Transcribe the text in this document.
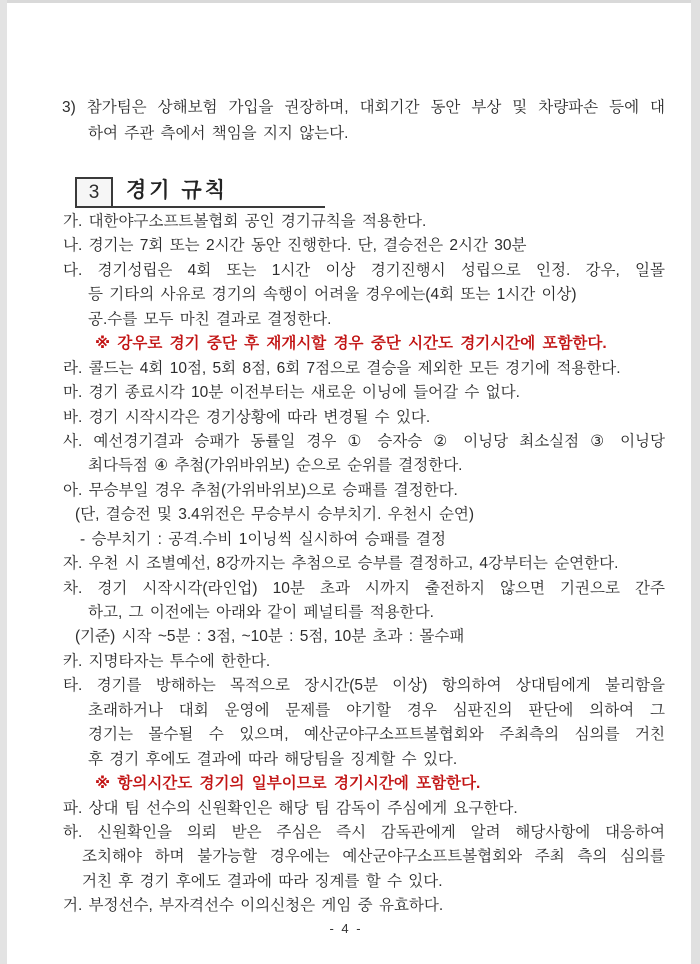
3) 참가팀은 상해보험 가입을 권장하며, 대회기간 동안 부상 및 차량파손 등에 대
하여 주관 측에서 책임을 지지 않는다.
3 경기 규칙
가. 대한야구소프트볼협회 공인 경기규칙을 적용한다.
나. 경기는 7회 또는 2시간 동안 진행한다. 단, 결승전은 2시간 30분
다. 경기성립은 4회 또는 1시간 이상 경기진행시 성립으로 인정. 강우, 일몰
등 기타의 사유로 경기의 속행이 어려울 경우에는(4회 또는 1시간 이상)
공.수를 모두 마친 결과로 결정한다.
※ 강우로 경기 중단 후 재개시할 경우 중단 시간도 경기시간에 포함한다.
라. 콜드는 4회 10점, 5회 8점, 6회 7점으로 결승을 제외한 모든 경기에 적용한다.
마. 경기 종료시각 10분 이전부터는 새로운 이닝에 들어갈 수 없다.
바. 경기 시작시각은 경기상황에 따라 변경될 수 있다.
사. 예선경기결과 승패가 동률일 경우 ① 승자승 ② 이닝당 최소실점 ③ 이닝당
최다득점 ④ 추첨(가위바위보) 순으로 순위를 결정한다.
아. 무승부일 경우 추첨(가위바위보)으로 승패를 결정한다.
(단, 결승전 및 3.4위전은 무승부시 승부치기. 우천시 순연)
- 승부치기 : 공격.수비 1이닝씩 실시하여 승패를 결정
자. 우천 시 조별예선, 8강까지는 추첨으로 승부를 결정하고, 4강부터는 순연한다.
차. 경기 시작시각(라인업) 10분 초과 시까지 출전하지 않으면 기권으로 간주
하고, 그 이전에는 아래와 같이 페널티를 적용한다.
(기준) 시작 ~5분 : 3점, ~10분 : 5점, 10분 초과 : 몰수패
카. 지명타자는 투수에 한한다.
타. 경기를 방해하는 목적으로 장시간(5분 이상) 항의하여 상대팀에게 불리함을
초래하거나 대회 운영에 문제를 야기할 경우 심판진의 판단에 의하여 그
경기는 몰수될 수 있으며, 예산군야구소프트볼협회와 주최측의 심의를 거친
후 경기 후에도 결과에 따라 해당팀을 징계할 수 있다.
※ 항의시간도 경기의 일부이므로 경기시간에 포함한다.
파. 상대 팀 선수의 신원확인은 해당 팀 감독이 주심에게 요구한다.
하. 신원확인을 의뢰 받은 주심은 즉시 감독관에게 알려 해당사항에 대응하여
조치해야 하며 불가능할 경우에는 예산군야구소프트볼협회와 주최 측의 심의를
거친 후 경기 후에도 결과에 따라 징계를 할 수 있다.
거. 부정선수, 부자격선수 이의신청은 게임 중 유효하다.
- 4 -
